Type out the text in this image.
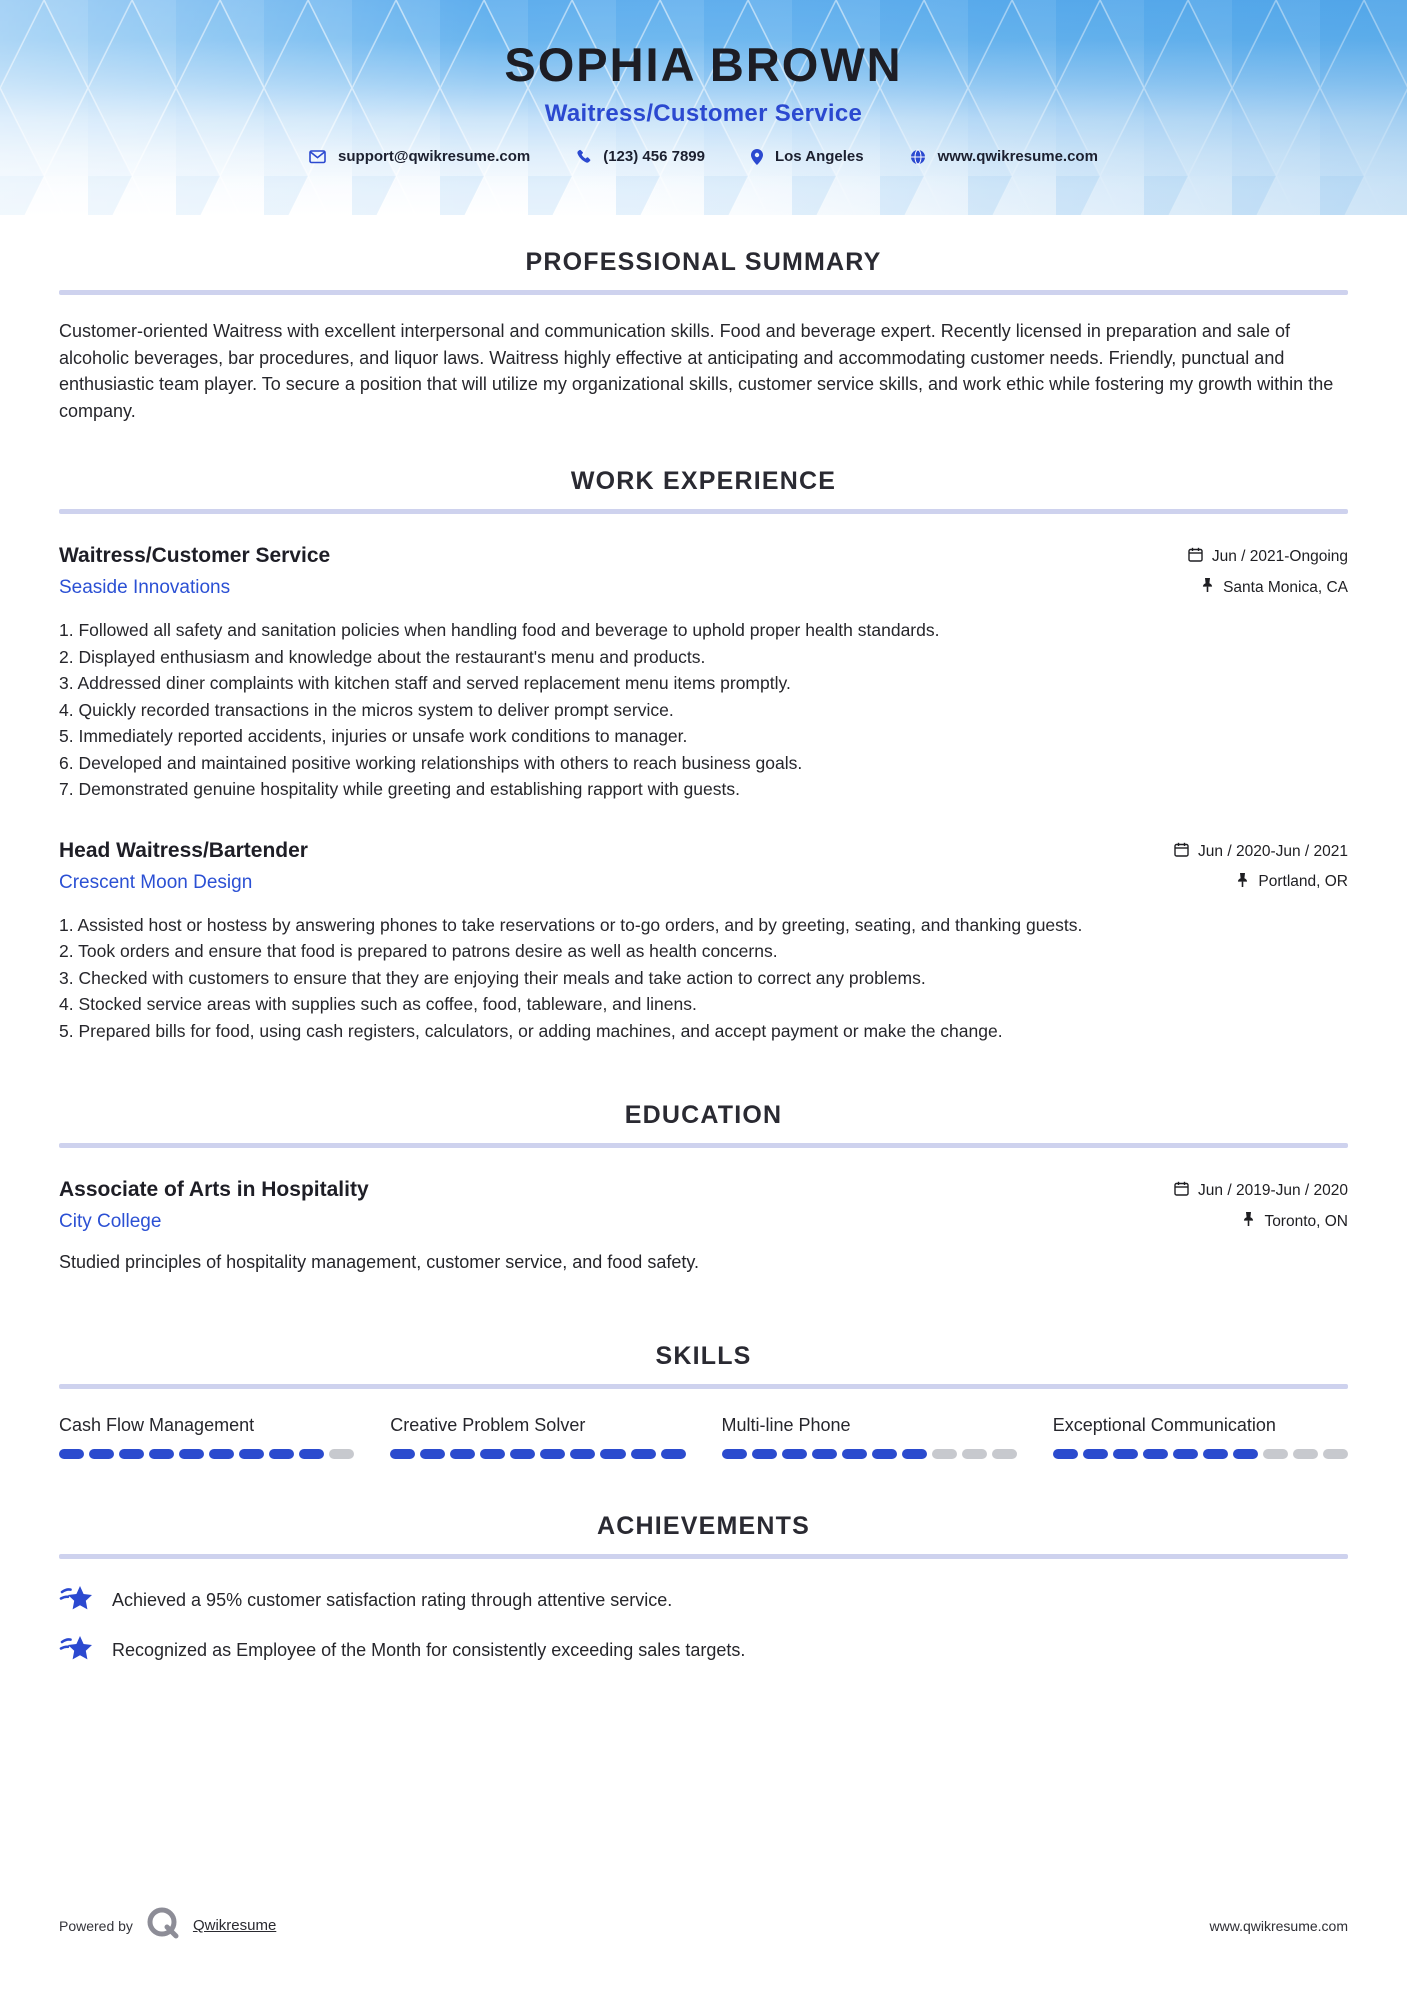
SOPHIA BROWN
Waitress/Customer Service
support@qwikresume.com	(123) 456 7899	Los Angeles	www.qwikresume.com
PROFESSIONAL SUMMARY

Customer-oriented Waitress with excellent interpersonal and communication skills. Food and beverage expert. Recently licensed in preparation and sale of alcoholic beverages, bar procedures, and liquor laws. Waitress highly effective at anticipating and accommodating customer needs. Friendly, punctual and enthusiastic team player. To secure a position that will utilize my organizational skills, customer service skills, and work ethic while fostering my growth within the company.

WORK EXPERIENCE
Waitress/Customer Service	Jun / 2021-Ongoing
Seaside Innovations	Santa Monica, CA
Followed all safety and sanitation policies when handling food and beverage to uphold proper health standards.
Displayed enthusiasm and knowledge about the restaurant's menu and products.
Addressed diner complaints with kitchen staff and served replacement menu items promptly.
Quickly recorded transactions in the micros system to deliver prompt service.
Immediately reported accidents, injuries or unsafe work conditions to manager.
Developed and maintained positive working relationships with others to reach business goals.
Demonstrated genuine hospitality while greeting and establishing rapport with guests.
Head Waitress/Bartender	Jun / 2020-Jun / 2021
Crescent Moon Design	Portland, OR
Assisted host or hostess by answering phones to take reservations or to-go orders, and by greeting, seating, and thanking guests.
Took orders and ensure that food is prepared to patrons desire as well as health concerns.
Checked with customers to ensure that they are enjoying their meals and take action to correct any problems.
Stocked service areas with supplies such as coffee, food, tableware, and linens.
Prepared bills for food, using cash registers, calculators, or adding machines, and accept payment or make the change.
EDUCATION
Associate of Arts in Hospitality	Jun / 2019-Jun / 2020
City College	Toronto, ON

Studied principles of hospitality management, customer service, and food safety.

SKILLS
Cash Flow Management	Creative Problem Solver	Multi-line Phone	Exceptional Communication
ACHIEVEMENTS
Achieved a 95% customer satisfaction rating through attentive service.
Recognized as Employee of the Month for consistently exceeding sales targets.
Powered by	Qwikresume	www.qwikresume.com
